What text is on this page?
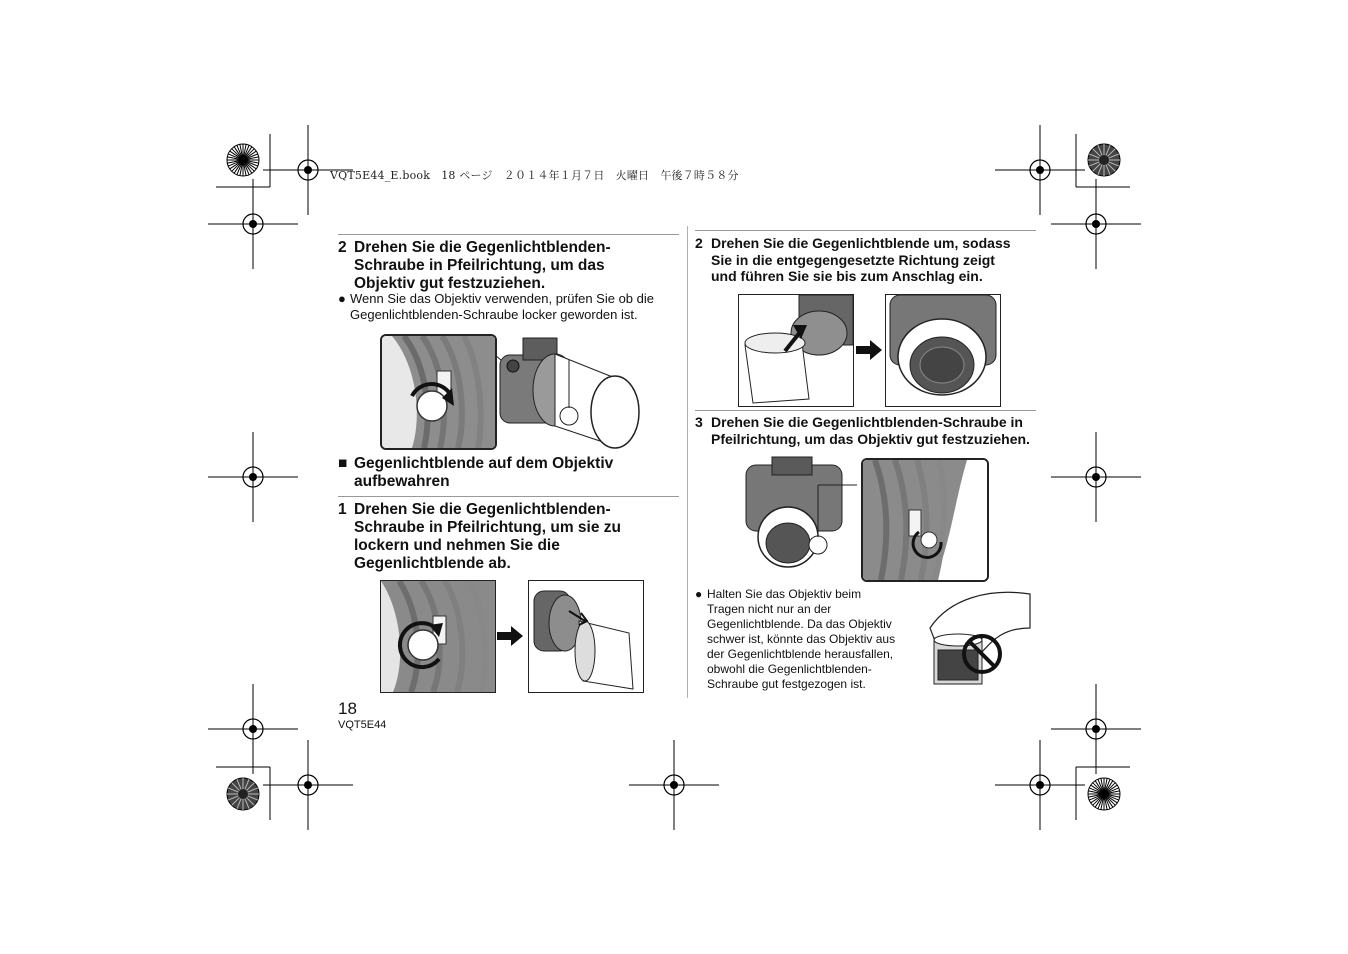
VQT5E44_E.book   18 ページ   ２０１４年１月７日   火曜日   午後７時５８分
2 Drehen Sie die Gegenlichtblenden-
Schraube in Pfeilrichtung, um das
Objektiv gut festzuziehen.
● Wenn Sie das Objektiv verwenden, prüfen Sie ob die
Gegenlichtblenden-Schraube locker geworden ist.
■ Gegenlichtblende auf dem Objektiv
aufbewahren
1 Drehen Sie die Gegenlichtblenden-
Schraube in Pfeilrichtung, um sie zu
lockern und nehmen Sie die
Gegenlichtblende ab.
18
VQT5E44
2 Drehen Sie die Gegenlichtblende um, sodass
Sie in die entgegengesetzte Richtung zeigt
und führen Sie sie bis zum Anschlag ein.
3 Drehen Sie die Gegenlichtblenden-Schraube in
Pfeilrichtung, um das Objektiv gut festzuziehen.
● Halten Sie das Objektiv beim
Tragen nicht nur an der
Gegenlichtblende. Da das Objektiv
schwer ist, könnte das Objektiv aus
der Gegenlichtblende herausfallen,
obwohl die Gegenlichtblenden-
Schraube gut festgezogen ist.
